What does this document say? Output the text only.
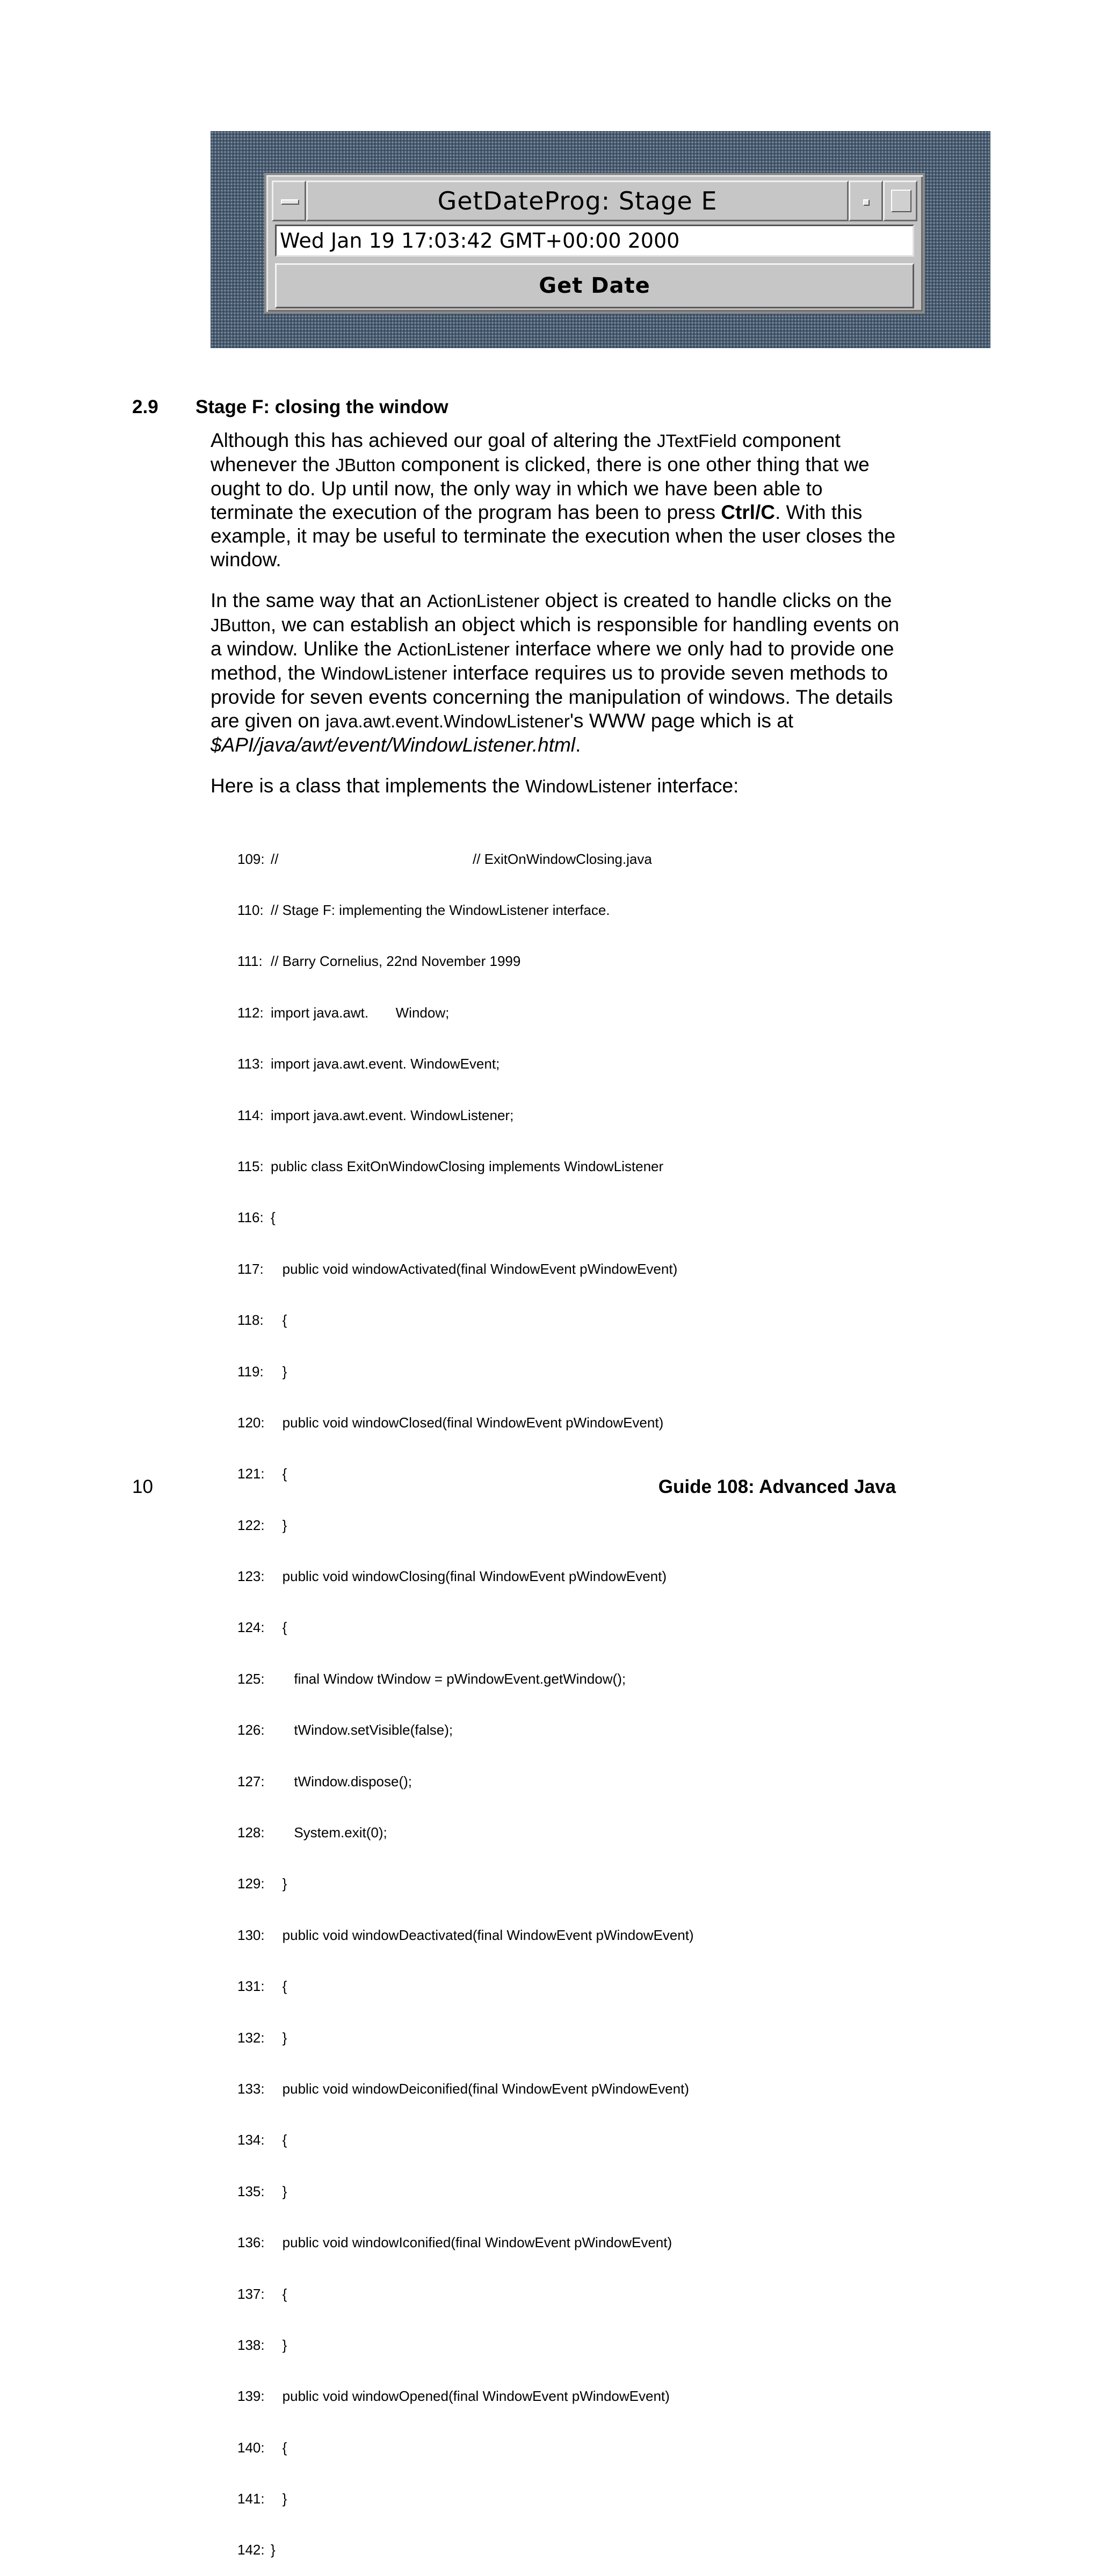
GetDateProg: Stage E
Wed Jan 19 17:03:42 GMT+00:00 2000
Get Date
2.9 Stage F: closing the window

Although this has achieved our goal of altering the JTextField component whenever the JButton component is clicked, there is one other thing that we ought to do. Up until now, the only way in which we have been able to terminate the execution of the program has been to press Ctrl/C. With this example, it may be useful to terminate the execution when the user closes the window.

In the same way that an ActionListener object is created to handle clicks on the JButton, we can establish an object which is responsible for handling events on a window. Unlike the ActionListener interface where we only had to provide one method, the WindowListener interface requires us to provide seven methods to provide for seven events concerning the manipulation of windows. The details are given on java.awt.event.WindowListener's WWW page which is at $API/java/awt/event/WindowListener.html.

Here is a class that implements the WindowListener interface:

109: //	// ExitOnWindowClosing.java

110: // Stage F: implementing the WindowListener interface.

111: // Barry Cornelius, 22nd November 1999

112: import java.awt.       Window;

113: import java.awt.event. WindowEvent;

114: import java.awt.event. WindowListener;

115: public class ExitOnWindowClosing implements WindowListener

116: {

117:    public void windowActivated(final WindowEvent pWindowEvent)

118:    {

119:    }

120:    public void windowClosed(final WindowEvent pWindowEvent)

121:    {

122:    }

123:    public void windowClosing(final WindowEvent pWindowEvent)

124:    {

125:       final Window tWindow = pWindowEvent.getWindow();

126:       tWindow.setVisible(false);

127:       tWindow.dispose();

128:       System.exit(0);

129:    }

130:    public void windowDeactivated(final WindowEvent pWindowEvent)

131:    {

132:    }

133:    public void windowDeiconified(final WindowEvent pWindowEvent)

134:    {

135:    }

136:    public void windowIconified(final WindowEvent pWindowEvent)

137:    {

138:    }

139:    public void windowOpened(final WindowEvent pWindowEvent)

140:    {

141:    }

142: }

10	Guide 108: Advanced Java
